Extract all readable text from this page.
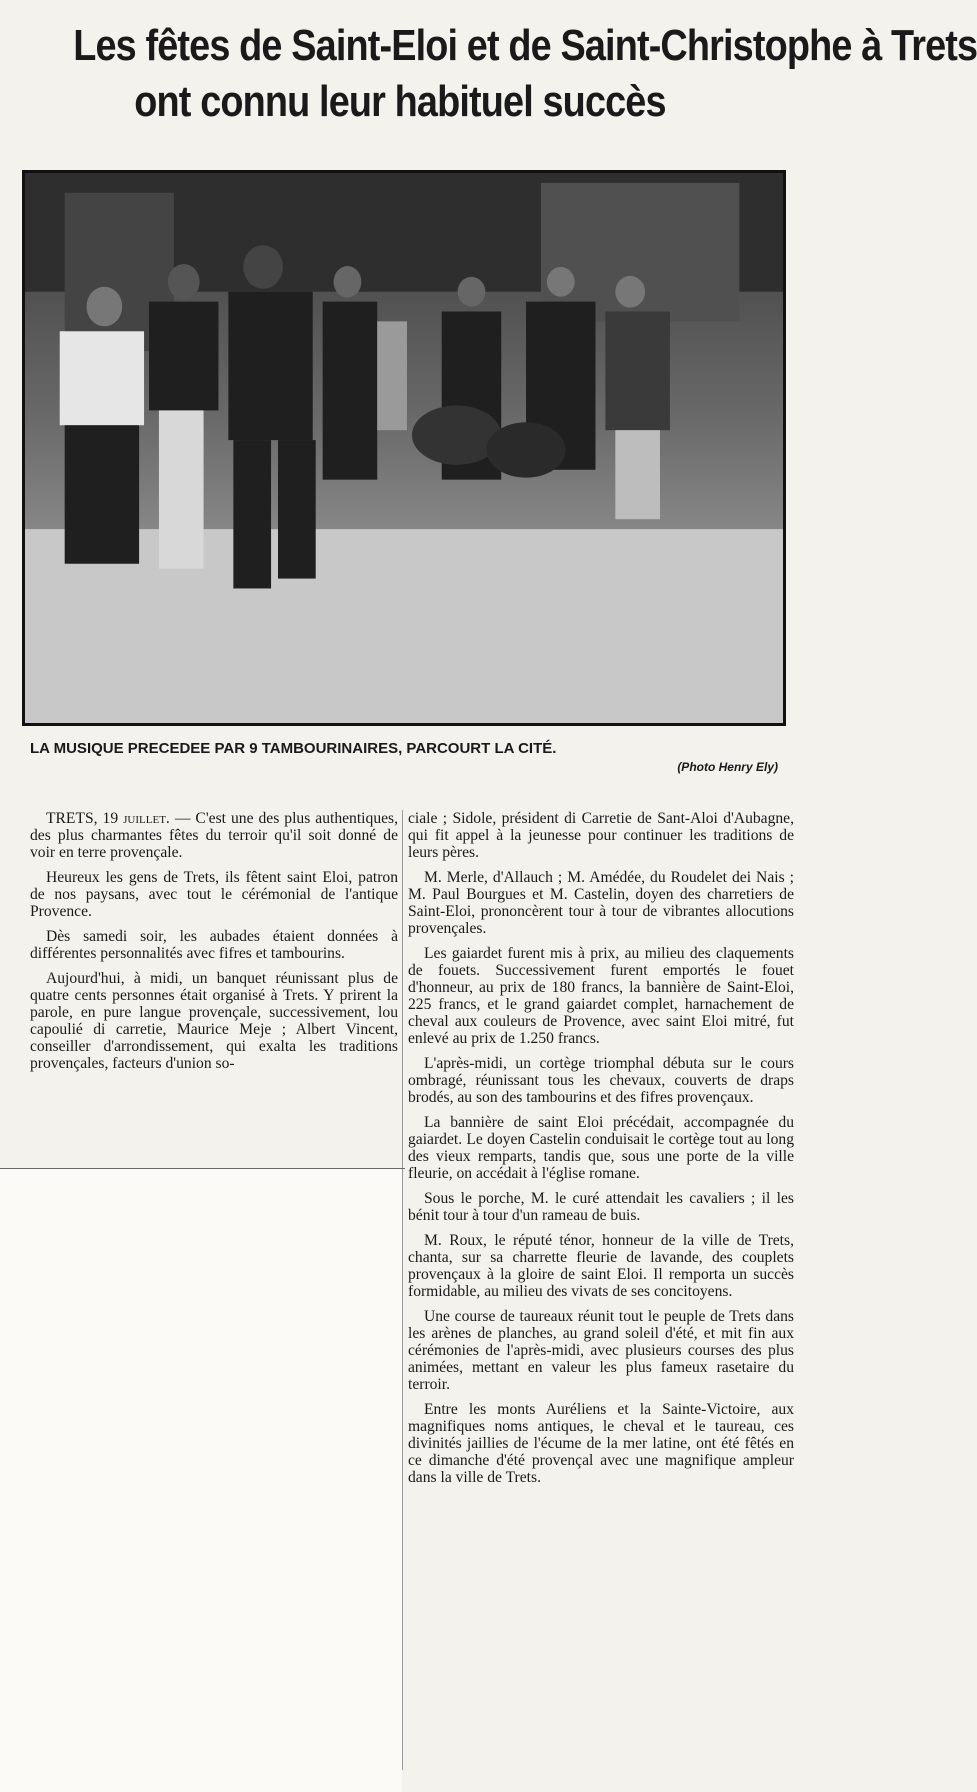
Les fêtes de Saint-Eloi et de Saint-Christophe à Trets
ont connu leur habituel succès
LA MUSIQUE PRECEDEE PAR 9 TAMBOURINAIRES, PARCOURT LA CITÉ.
(Photo Henry Ely)

TRETS, 19 juillet. — C'est une des plus authentiques, des plus charmantes fêtes du terroir qu'il soit donné de voir en terre provençale.

Heureux les gens de Trets, ils fêtent saint Eloi, patron de nos paysans, avec tout le cérémonial de l'antique Provence.

Dès samedi soir, les aubades étaient données à différentes personnalités avec fifres et tambourins.

Aujourd'hui, à midi, un banquet réunissant plus de quatre cents personnes était organisé à Trets. Y prirent la parole, en pure langue provençale, successivement, lou capoulié di carretie, Maurice Meje ; Albert Vincent, conseiller d'arrondissement, qui exalta les traditions provençales, facteurs d'union so-

ciale ; Sidole, président di Carretie de Sant-Aloi d'Aubagne, qui fit appel à la jeunesse pour continuer les traditions de leurs pères.

M. Merle, d'Allauch ; M. Amédée, du Roudelet dei Nais ; M. Paul Bourgues et M. Castelin, doyen des charretiers de Saint-Eloi, prononcèrent tour à tour de vibrantes allocutions provençales.

Les gaiardet furent mis à prix, au milieu des claquements de fouets. Successivement furent emportés le fouet d'honneur, au prix de 180 francs, la bannière de Saint-Eloi, 225 francs, et le grand gaiardet complet, harnachement de cheval aux couleurs de Provence, avec saint Eloi mitré, fut enlevé au prix de 1.250 francs.

L'après-midi, un cortège triomphal débuta sur le cours ombragé, réunissant tous les chevaux, couverts de draps brodés, au son des tambourins et des fifres provençaux.

La bannière de saint Eloi précédait, accompagnée du gaiardet. Le doyen Castelin conduisait le cortège tout au long des vieux remparts, tandis que, sous une porte de la ville fleurie, on accédait à l'église romane.

Sous le porche, M. le curé attendait les cavaliers ; il les bénit tour à tour d'un rameau de buis.

M. Roux, le réputé ténor, honneur de la ville de Trets, chanta, sur sa charrette fleurie de lavande, des couplets provençaux à la gloire de saint Eloi. Il remporta un succès formidable, au milieu des vivats de ses concitoyens.

Une course de taureaux réunit tout le peuple de Trets dans les arènes de planches, au grand soleil d'été, et mit fin aux cérémonies de l'après-midi, avec plusieurs courses des plus animées, mettant en valeur les plus fameux rasetaire du terroir.

Entre les monts Auréliens et la Sainte-Victoire, aux magnifiques noms antiques, le cheval et le taureau, ces divinités jaillies de l'écume de la mer latine, ont été fêtés en ce dimanche d'été provençal avec une magnifique ampleur dans la ville de Trets.
